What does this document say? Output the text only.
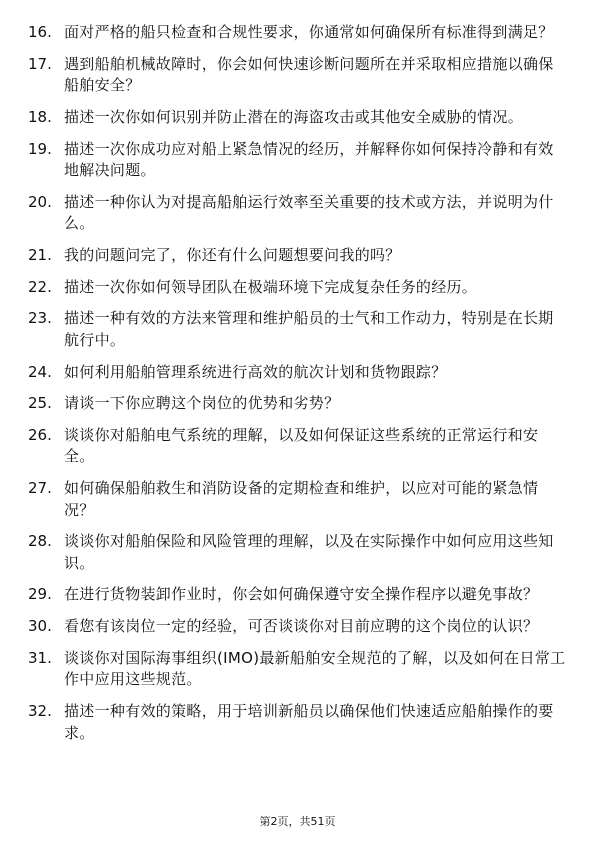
16. 面对严格的船只检查和合规性要求，你通常如何确保所有标准得到满足？
17. 遇到船舶机械故障时，你会如何快速诊断问题所在并采取相应措施以确保船舶安全？
18. 描述一次你如何识别并防止潜在的海盗攻击或其他安全威胁的情况。
19. 描述一次你成功应对船上紧急情况的经历，并解释你如何保持冷静和有效地解决问题。
20. 描述一种你认为对提高船舶运行效率至关重要的技术或方法，并说明为什么。
21. 我的问题问完了，你还有什么问题想要问我的吗？
22. 描述一次你如何领导团队在极端环境下完成复杂任务的经历。
23. 描述一种有效的方法来管理和维护船员的士气和工作动力，特别是在长期航行中。
24. 如何利用船舶管理系统进行高效的航次计划和货物跟踪？
25. 请谈一下你应聘这个岗位的优势和劣势？
26. 谈谈你对船舶电气系统的理解，以及如何保证这些系统的正常运行和安全。
27. 如何确保船舶救生和消防设备的定期检查和维护，以应对可能的紧急情况？
28. 谈谈你对船舶保险和风险管理的理解，以及在实际操作中如何应用这些知识。
29. 在进行货物装卸作业时，你会如何确保遵守安全操作程序以避免事故？
30. 看您有该岗位一定的经验，可否谈谈你对目前应聘的这个岗位的认识？
31. 谈谈你对国际海事组织(IMO)最新船舶安全规范的了解，以及如何在日常工作中应用这些规范。
32. 描述一种有效的策略，用于培训新船员以确保他们快速适应船舶操作的要求。
第2页，共51页
